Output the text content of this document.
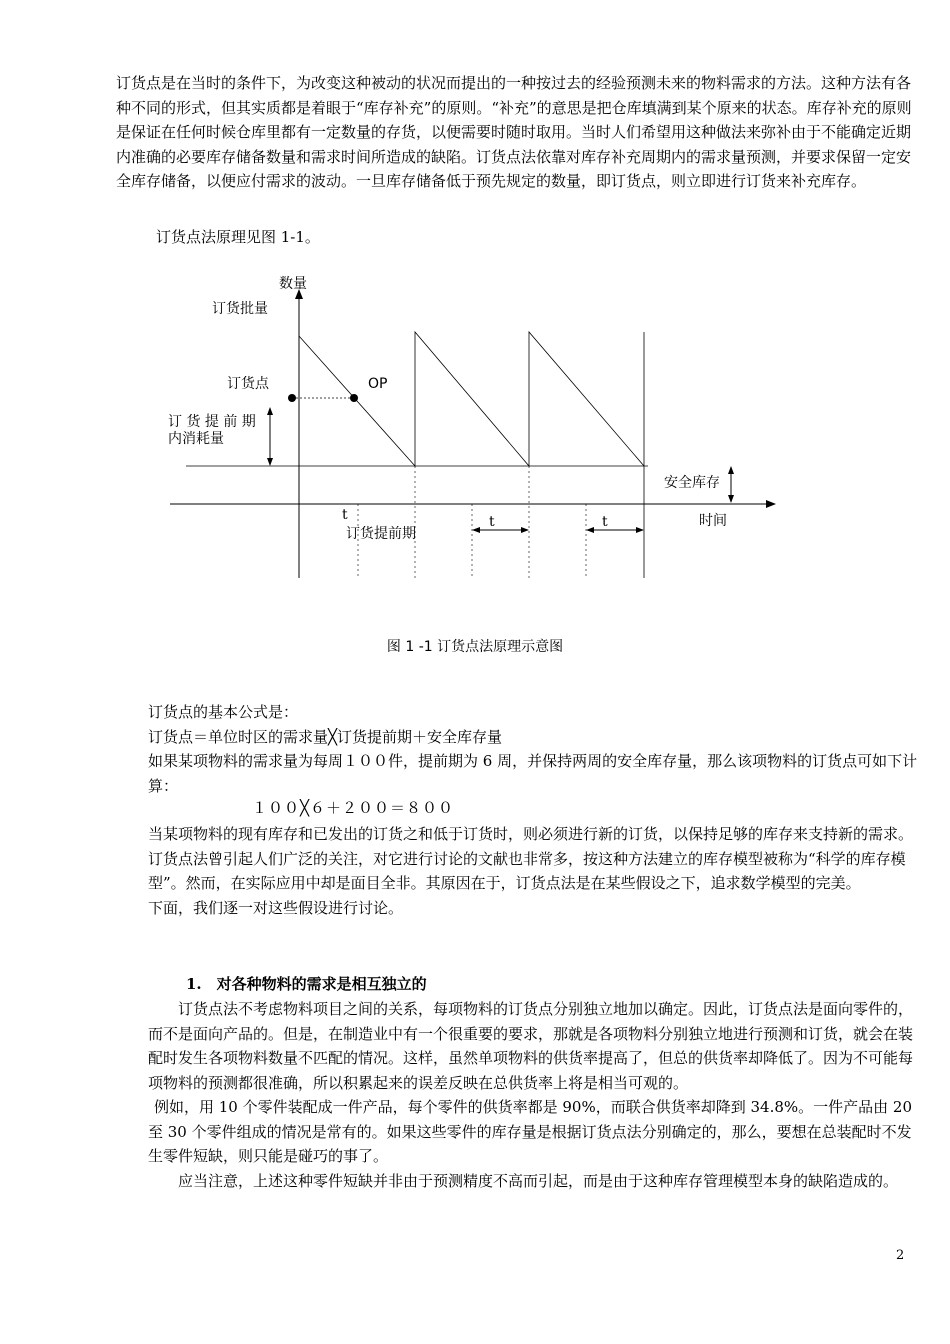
订货点是在当时的条件下，为改变这种被动的状况而提出的一种按过去的经验预测未来的物料需求的方法。这种方法有各种不同的形式，但其实质都是着眼于“库存补充”的原则。“补充”的意思是把仓库填满到某个原来的状态。库存补充的原则是保证在任何时候仓库里都有一定数量的存货，以便需要时随时取用。当时人们希望用这种做法来弥补由于不能确定近期内准确的必要库存储备数量和需求时间所造成的缺陷。订货点法依靠对库存补充周期内的需求量预测，并要求保留一定安全库存储备，以便应付需求的波动。一旦库存储备低于预先规定的数量，即订货点，则立即进行订货来补充库存。

订货点法原理见图 1-1。

数量
订货批量
订货点	OP
订 货 提 前 期
内消耗量
安全库存
时间
t	t	t
订货提前期
图 1 -1 订货点法原理示意图
订货点的基本公式是：
订货点＝单位时区的需求量╳订货提前期＋安全库存量
如果某项物料的需求量为每周１００件，提前期为 6 周，并保持两周的安全库存量，那么该项物料的订货点可如下计算：
１００╳６＋２００＝８００
当某项物料的现有库存和已发出的订货之和低于订货时，则必须进行新的订货，以保持足够的库存来支持新的需求。
订货点法曾引起人们广泛的关注，对它进行讨论的文献也非常多，按这种方法建立的库存模型被称为“科学的库存模型”。然而，在实际应用中却是面目全非。其原因在于，订货点法是在某些假设之下，追求数学模型的完美。
下面，我们逐一对这些假设进行讨论。
1.　对各种物料的需求是相互独立的
订货点法不考虑物料项目之间的关系，每项物料的订货点分别独立地加以确定。因此，订货点法是面向零件的，而不是面向产品的。但是，在制造业中有一个很重要的要求，那就是各项物料分别独立地进行预测和订货，就会在装配时发生各项物料数量不匹配的情况。这样，虽然单项物料的供货率提高了，但总的供货率却降低了。因为不可能每项物料的预测都很准确，所以积累起来的误差反映在总供货率上将是相当可观的。
例如，用 10 个零件装配成一件产品，每个零件的供货率都是 90%，而联合供货率却降到 34.8%。一件产品由 20 至 30 个零件组成的情况是常有的。如果这些零件的库存量是根据订货点法分别确定的，那么，要想在总装配时不发生零件短缺，则只能是碰巧的事了。
应当注意，上述这种零件短缺并非由于预测精度不高而引起，而是由于这种库存管理模型本身的缺陷造成的。
2
